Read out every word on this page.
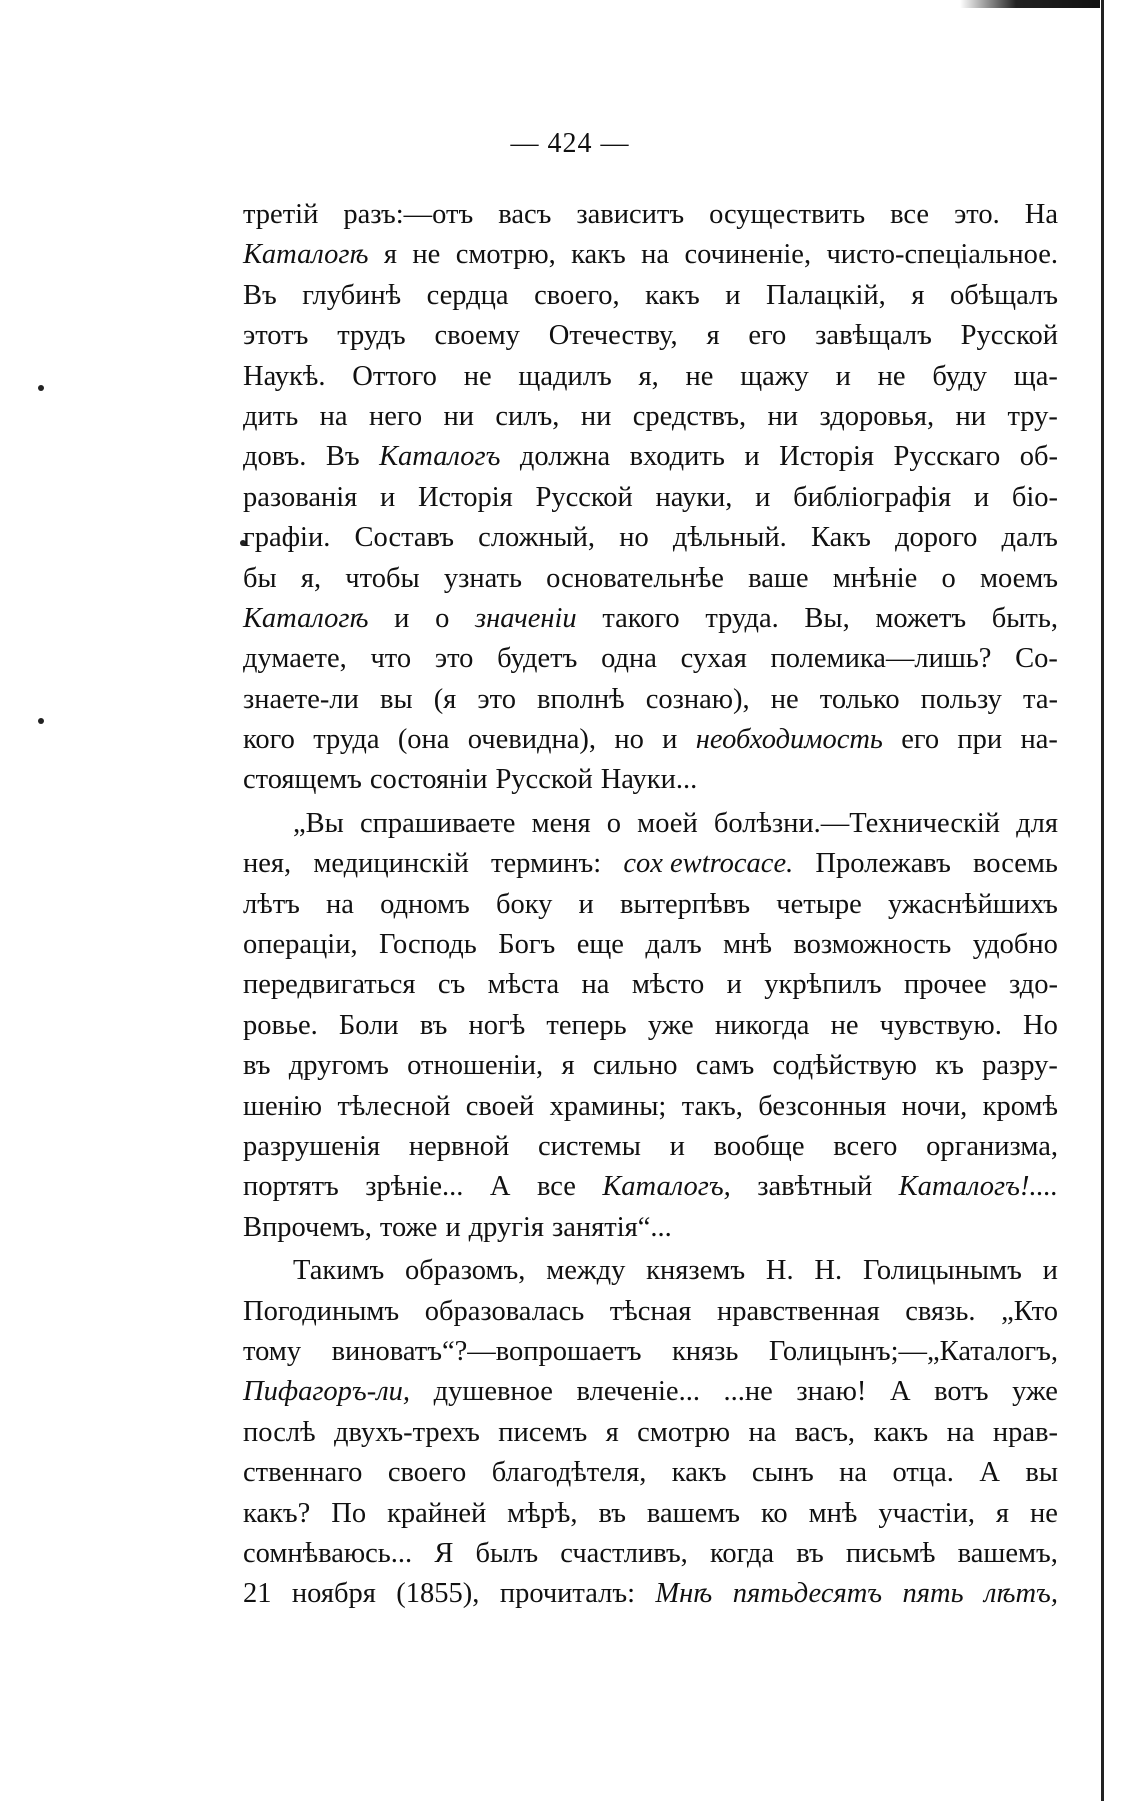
— 424 —
третій разъ:—отъ васъ зависитъ осуществить все это. На
Каталогѣ я не смотрю, какъ на сочиненіе, чисто-спеціальное.
Въ глубинѣ сердца своего, какъ и Палацкій, я обѣщалъ
этотъ трудъ своему Отечеству, я его завѣщалъ Русской
Наукѣ. Оттого не щадилъ я, не щажу и не буду ща-
дить на него ни силъ, ни средствъ, ни здоровья, ни тру-
довъ. Въ Каталогъ должна входить и Исторія Русскаго об-
разованія и Исторія Русской науки, и библіографія и біо-
графіи. Составъ сложный, но дѣльный. Какъ дорого далъ
бы я, чтобы узнать основательнѣе ваше мнѣніе о моемъ
Каталогѣ и о значеніи такого труда. Вы, можетъ быть,
думаете, что это будетъ одна сухая полемика—лишь? Со-
знаете-ли вы (я это вполнѣ сознаю), не только пользу та-
кого труда (она очевидна), но и необходимость его при на-
стоящемъ состояніи Русской Науки...
„Вы спрашиваете меня о моей болѣзни.—Техническій для
нея, медицинскій терминъ: cox ewtrocace. Пролежавъ восемь
лѣтъ на одномъ боку и вытерпѣвъ четыре ужаснѣйшихъ
операціи, Господь Богъ еще далъ мнѣ возможность удобно
передвигаться съ мѣста на мѣсто и укрѣпилъ прочее здо-
ровье. Боли въ ногѣ теперь уже никогда не чувствую. Но
въ другомъ отношеніи, я сильно самъ содѣйствую къ разру-
шенію тѣлесной своей храмины; такъ, безсонныя ночи, кромѣ
разрушенія нервной системы и вообще всего организма,
портятъ зрѣніе... А все Каталогъ, завѣтный Каталогъ!....
Впрочемъ, тоже и другія занятія“...
Такимъ образомъ, между княземъ Н. Н. Голицынымъ и
Погодинымъ образовалась тѣсная нравственная связь. „Кто
тому виноватъ“?—вопрошаетъ князь Голицынъ;—„Каталогъ,
Пифагоръ-ли, душевное влеченіе... ...не знаю! А вотъ уже
послѣ двухъ-трехъ писемъ я смотрю на васъ, какъ на нрав-
ственнаго своего благодѣтеля, какъ сынъ на отца. А вы
какъ? По крайней мѣрѣ, въ вашемъ ко мнѣ участіи, я не
сомнѣваюсь... Я былъ счастливъ, когда въ письмѣ вашемъ,
21 ноября (1855), прочиталъ: Мнѣ пятьдесятъ пять лѣтъ,
